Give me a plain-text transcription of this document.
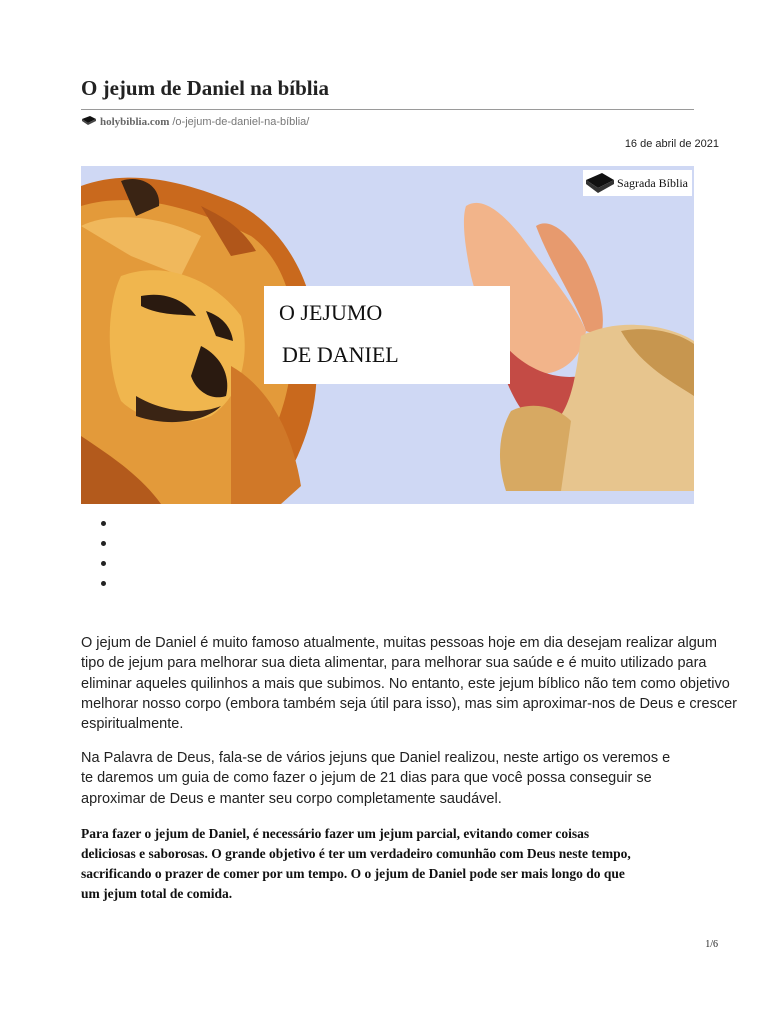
O jejum de Daniel na bíblia
holybiblia.com /o-jejum-de-daniel-na-bíblia/
16 de abril de 2021
Sagrada Bíblia
O JEJUMO
DE DANIEL

O jejum de Daniel é muito famoso atualmente, muitas pessoas hoje em dia desejam realizar algum tipo de jejum para melhorar sua dieta alimentar, para melhorar sua saúde e é muito utilizado para eliminar aqueles quilinhos a mais que subimos. No entanto, este jejum bíblico não tem como objetivo melhorar nosso corpo (embora também seja útil para isso), mas sim aproximar-nos de Deus e crescer espiritualmente.

Na Palavra de Deus, fala-se de vários jejuns que Daniel realizou, neste artigo os veremos e te daremos um guia de como fazer o jejum de 21 dias para que você possa conseguir se aproximar de Deus e manter seu corpo completamente saudável.

Para fazer o jejum de Daniel, é necessário fazer um jejum parcial, evitando comer coisas deliciosas e saborosas. O grande objetivo é ter um verdadeiro comunhão com Deus neste tempo, sacrificando o prazer de comer por um tempo. O o jejum de Daniel pode ser mais longo do que um jejum total de comida.

1/6
